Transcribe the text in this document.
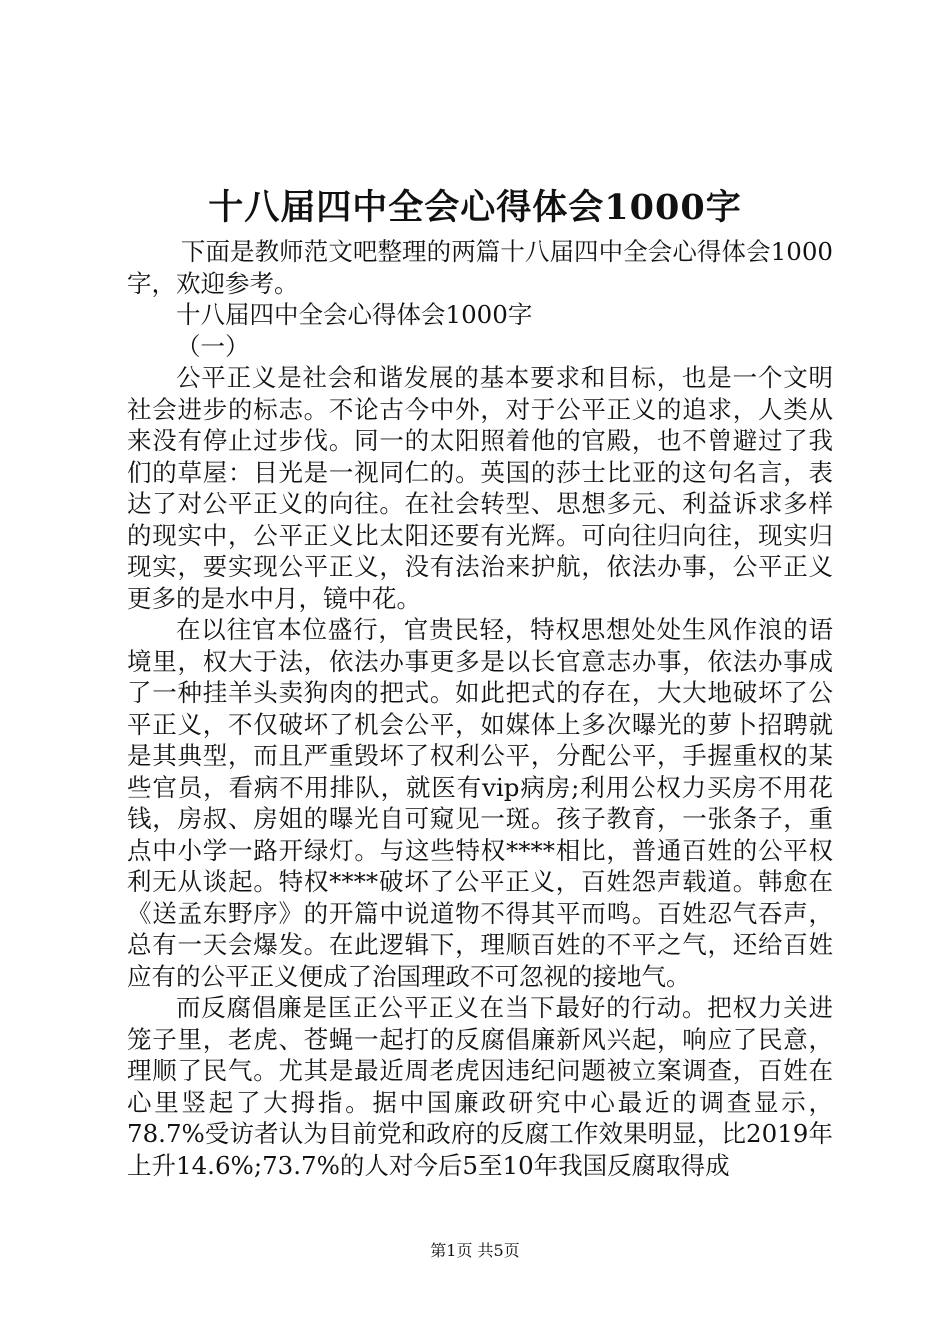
十八届四中全会心得体会1000字

下面是教师范文吧整理的两篇十八届四中全会心得体会1000字，欢迎参考。

十八届四中全会心得体会1000字

（一）

公平正义是社会和谐发展的基本要求和目标，也是一个文明社会进步的标志。不论古今中外，对于公平正义的追求，人类从来没有停止过步伐。同一的太阳照着他的官殿，也不曾避过了我们的草屋：目光是一视同仁的。英国的莎士比亚的这句名言，表达了对公平正义的向往。在社会转型、思想多元、利益诉求多样的现实中，公平正义比太阳还要有光辉。可向往归向往，现实归现实，要实现公平正义，没有法治来护航，依法办事，公平正义更多的是水中月，镜中花。

在以往官本位盛行，官贵民轻，特权思想处处生风作浪的语境里，权大于法，依法办事更多是以长官意志办事，依法办事成了一种挂羊头卖狗肉的把式。如此把式的存在，大大地破坏了公平正义，不仅破坏了机会公平，如媒体上多次曝光的萝卜招聘就是其典型，而且严重毁坏了权利公平，分配公平，手握重权的某些官员，看病不用排队，就医有vip病房;利用公权力买房不用花钱，房叔、房姐的曝光自可窥见一斑。孩子教育，一张条子，重点中小学一路开绿灯。与这些特权****相比，普通百姓的公平权利无从谈起。特权****破坏了公平正义，百姓怨声载道。韩愈在《送孟东野序》的开篇中说道物不得其平而鸣。百姓忍气吞声，总有一天会爆发。在此逻辑下，理顺百姓的不平之气，还给百姓应有的公平正义便成了治国理政不可忽视的接地气。

而反腐倡廉是匡正公平正义在当下最好的行动。把权力关进笼子里，老虎、苍蝇一起打的反腐倡廉新风兴起，响应了民意，理顺了民气。尤其是最近周老虎因违纪问题被立案调查，百姓在心里竖起了大拇指。据中国廉政研究中心最近的调查显示，78.7%受访者认为目前党和政府的反腐工作效果明显，比2019年上升14.6%;73.7%的人对今后5至10年我国反腐取得成

第1页 共5页
